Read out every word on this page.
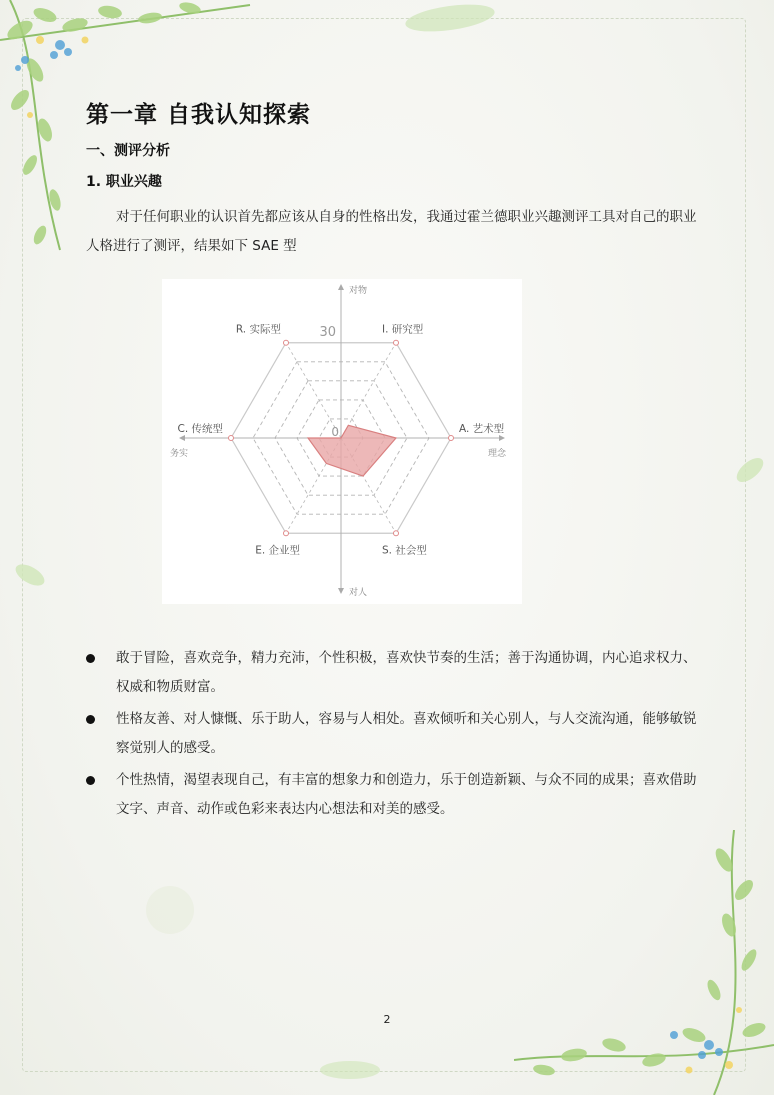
第一章 自我认知探索
一、测评分析
1. 职业兴趣

对于任何职业的认识首先都应该从自身的性格出发，我通过霍兰德职业兴趣测评工具对自己的职业人格进行了测评，结果如下 SAE 型

R. 实际型	I. 研究型
A. 艺术型
S. 社会型
E. 企业型
C. 传统型
30
0
对物
对人
务实	理念
敢于冒险，喜欢竞争，精力充沛，个性积极，喜欢快节奏的生活；善于沟通协调，内心追求权力、权威和物质财富。
性格友善、对人慷慨、乐于助人，容易与人相处。喜欢倾听和关心别人，与人交流沟通，能够敏锐察觉别人的感受。
个性热情，渴望表现自己，有丰富的想象力和创造力，乐于创造新颖、与众不同的成果；喜欢借助文字、声音、动作或色彩来表达内心想法和对美的感受。
2
